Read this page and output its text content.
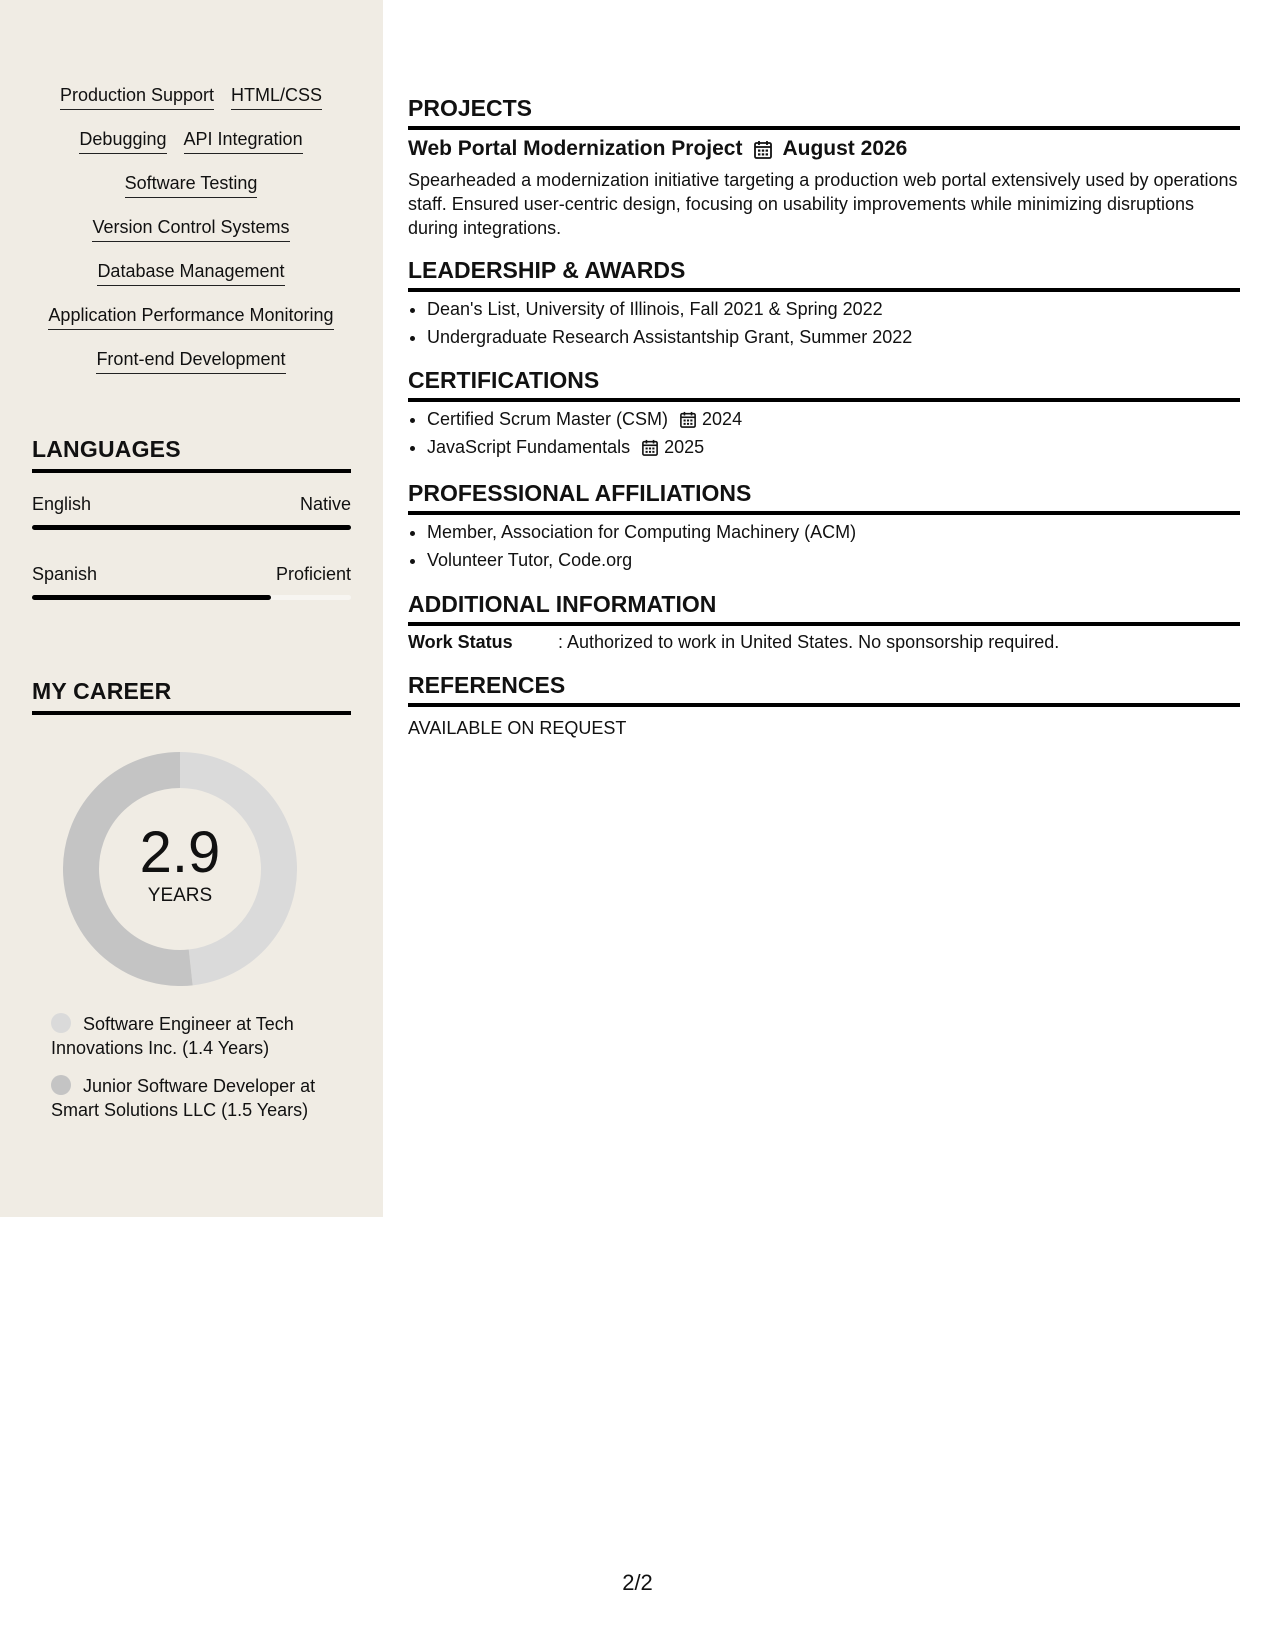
Production Support HTML/CSS
Debugging API Integration
Software Testing
Version Control Systems
Database Management
Application Performance Monitoring
Front-end Development
LANGUAGES
English	Native
Spanish	Proficient
MY CAREER
2.9
YEARS
Software Engineer at Tech Innovations Inc. (1.4 Years)
Junior Software Developer at Smart Solutions LLC (1.5 Years)
PROJECTS
Web Portal Modernization Project August 2026
Spearheaded a modernization initiative targeting a production web portal extensively used by operations staff. Ensured user-centric design, focusing on usability improvements while minimizing disruptions during integrations.
LEADERSHIP & AWARDS
• Dean's List, University of Illinois, Fall 2021 & Spring 2022
• Undergraduate Research Assistantship Grant, Summer 2022
CERTIFICATIONS
• Certified Scrum Master (CSM) 2024
• JavaScript Fundamentals 2025
PROFESSIONAL AFFILIATIONS
• Member, Association for Computing Machinery (ACM)
• Volunteer Tutor, Code.org
ADDITIONAL INFORMATION
Work Status	: Authorized to work in United States. No sponsorship required.
REFERENCES
AVAILABLE ON REQUEST
2/2
